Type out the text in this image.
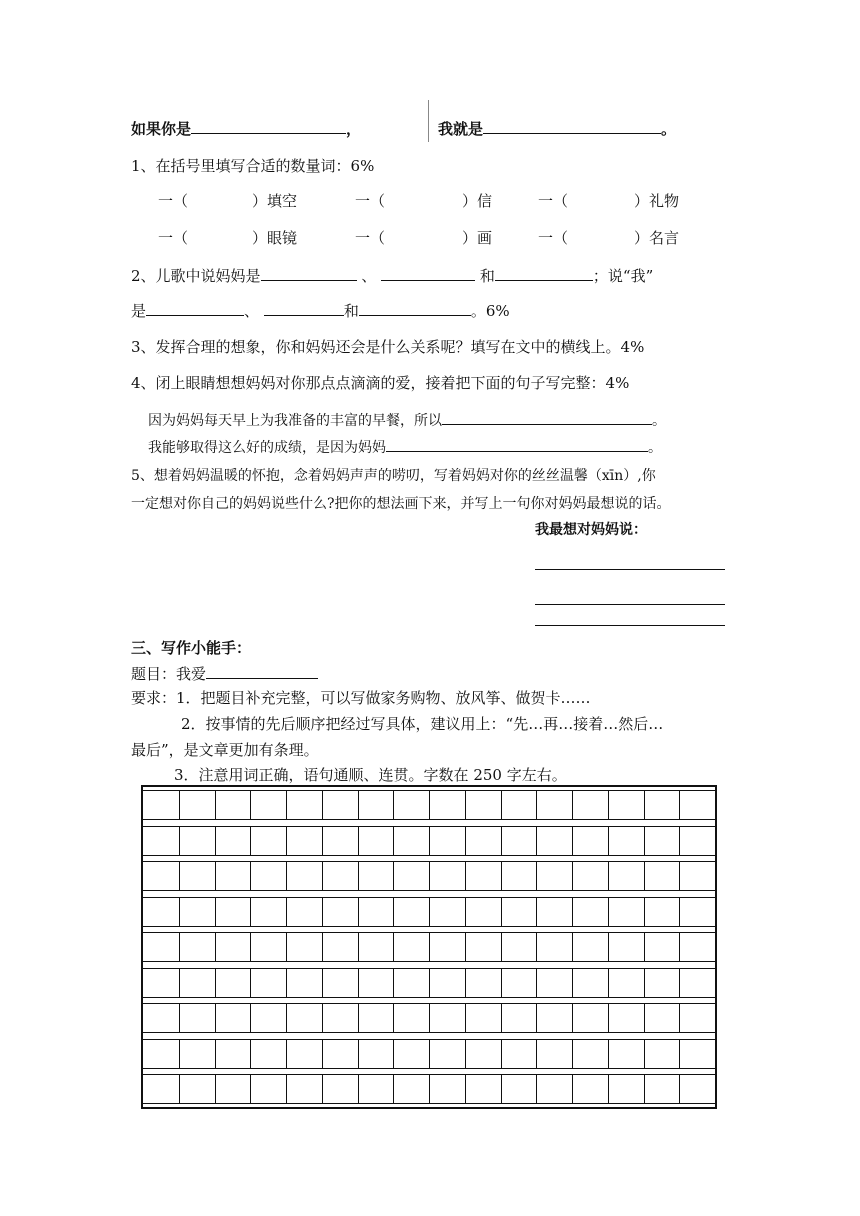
如果你是	，	我就是	。
1、在括号里填写合适的数量词：6%
一（	）填空	一（	）信	一（	）礼物
一（	）眼镜	一（	）画	一（	）名言
2、儿歌中说妈妈是	、	和	；说“我”
是	、	和	。6%
3、发挥合理的想象，你和妈妈还会是什么关系呢？填写在文中的横线上。4%
4、闭上眼睛想想妈妈对你那点点滴滴的爱，接着把下面的句子写完整：4%
因为妈妈每天早上为我准备的丰富的早餐，所以	。
我能够取得这么好的成绩，是因为妈妈	。
5、想着妈妈温暖的怀抱，念着妈妈声声的唠叨，写着妈妈对你的丝丝温馨（xīn）,你
一定想对你自己的妈妈说些什么?把你的想法画下来，并写上一句你对妈妈最想说的话。
我最想对妈妈说：
三、写作小能手：
题目：我爱
要求：1．把题目补充完整，可以写做家务购物、放风筝、做贺卡……
2．按事情的先后顺序把经过写具体，建议用上：“先…再…接着…然后…
最后”，是文章更加有条理。
3．注意用词正确，语句通顺、连贯。字数在 250 字左右。
